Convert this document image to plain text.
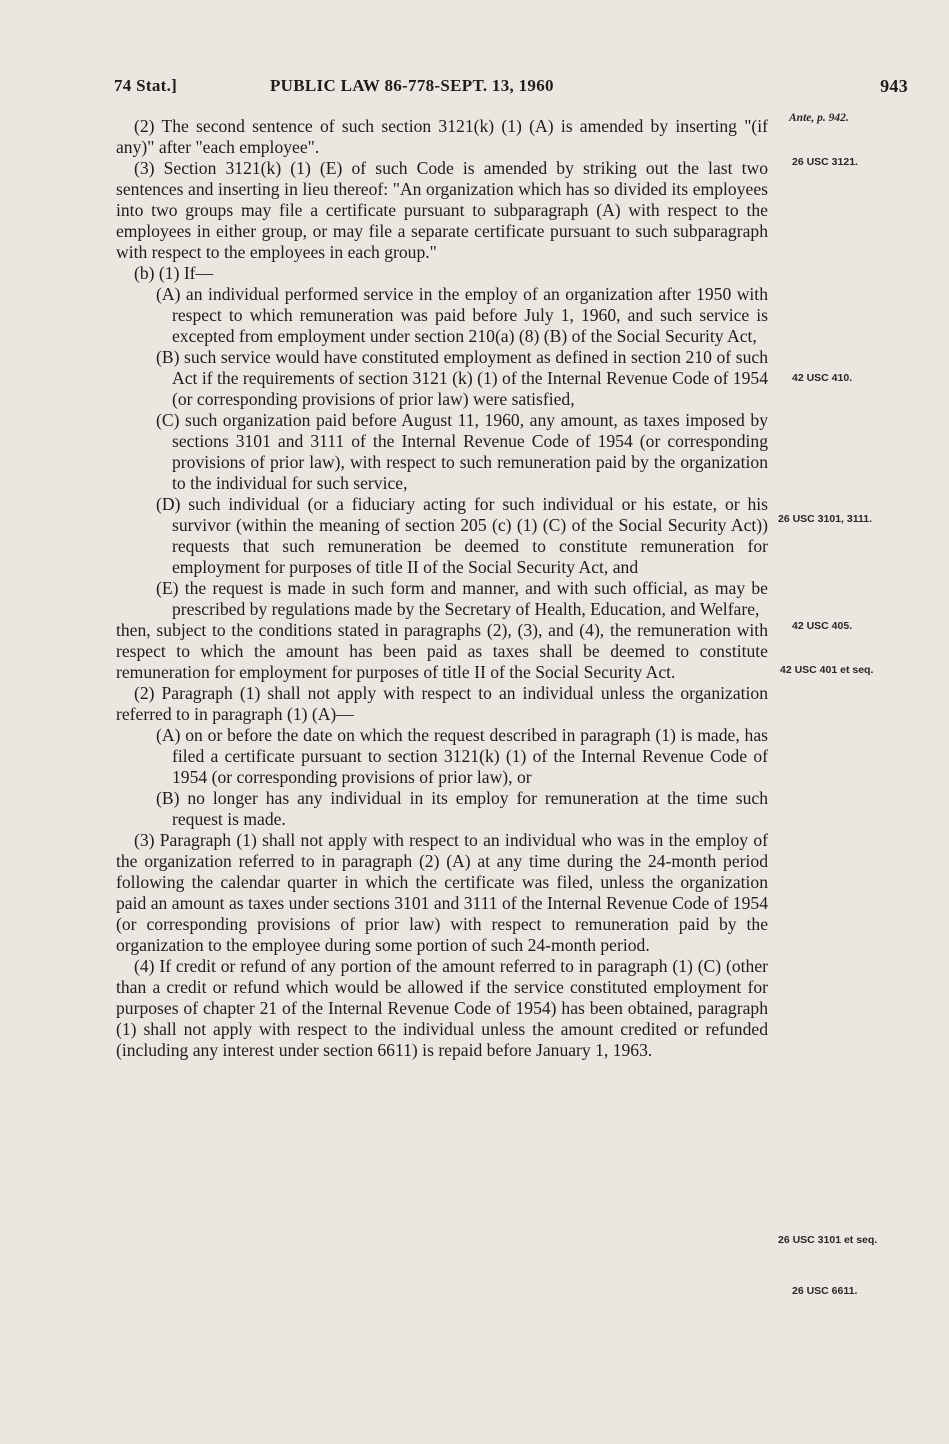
74 Stat.]	PUBLIC LAW 86-778-SEPT. 13, 1960	943
Ante, p. 942.
26 USC 3121.
42 USC 410.
26 USC 3101, 3111.
42 USC 405.
42 USC 401 et seq.
26 USC 3101 et seq.
26 USC 6611.

(2) The second sentence of such section 3121(k) (1) (A) is amended by inserting "(if any)" after "each employee".

(3) Section 3121(k) (1) (E) of such Code is amended by striking out the last two sentences and inserting in lieu thereof: "An organization which has so divided its employees into two groups may file a certificate pursuant to subparagraph (A) with respect to the employees in either group, or may file a separate certificate pursuant to such subparagraph with respect to the employees in each group."

(b) (1) If—

(A) an individual performed service in the employ of an organization after 1950 with respect to which remuneration was paid before July 1, 1960, and such service is excepted from employment under section 210(a) (8) (B) of the Social Security Act,

(B) such service would have constituted employment as defined in section 210 of such Act if the requirements of section 3121 (k) (1) of the Internal Revenue Code of 1954 (or corresponding provisions of prior law) were satisfied,

(C) such organization paid before August 11, 1960, any amount, as taxes imposed by sections 3101 and 3111 of the Internal Revenue Code of 1954 (or corresponding provisions of prior law), with respect to such remuneration paid by the organization to the individual for such service,

(D) such individual (or a fiduciary acting for such individual or his estate, or his survivor (within the meaning of section 205 (c) (1) (C) of the Social Security Act)) requests that such remuneration be deemed to constitute remuneration for employment for purposes of title II of the Social Security Act, and

(E) the request is made in such form and manner, and with such official, as may be prescribed by regulations made by the Secretary of Health, Education, and Welfare,

then, subject to the conditions stated in paragraphs (2), (3), and (4), the remuneration with respect to which the amount has been paid as taxes shall be deemed to constitute remuneration for employment for purposes of title II of the Social Security Act.

(2) Paragraph (1) shall not apply with respect to an individual unless the organization referred to in paragraph (1) (A)—

(A) on or before the date on which the request described in paragraph (1) is made, has filed a certificate pursuant to section 3121(k) (1) of the Internal Revenue Code of 1954 (or corresponding provisions of prior law), or

(B) no longer has any individual in its employ for remuneration at the time such request is made.

(3) Paragraph (1) shall not apply with respect to an individual who was in the employ of the organization referred to in paragraph (2) (A) at any time during the 24-month period following the calendar quarter in which the certificate was filed, unless the organization paid an amount as taxes under sections 3101 and 3111 of the Internal Revenue Code of 1954 (or corresponding provisions of prior law) with respect to remuneration paid by the organization to the employee during some portion of such 24-month period.

(4) If credit or refund of any portion of the amount referred to in paragraph (1) (C) (other than a credit or refund which would be allowed if the service constituted employment for purposes of chapter 21 of the Internal Revenue Code of 1954) has been obtained, paragraph (1) shall not apply with respect to the individual unless the amount credited or refunded (including any interest under section 6611) is repaid before January 1, 1963.
